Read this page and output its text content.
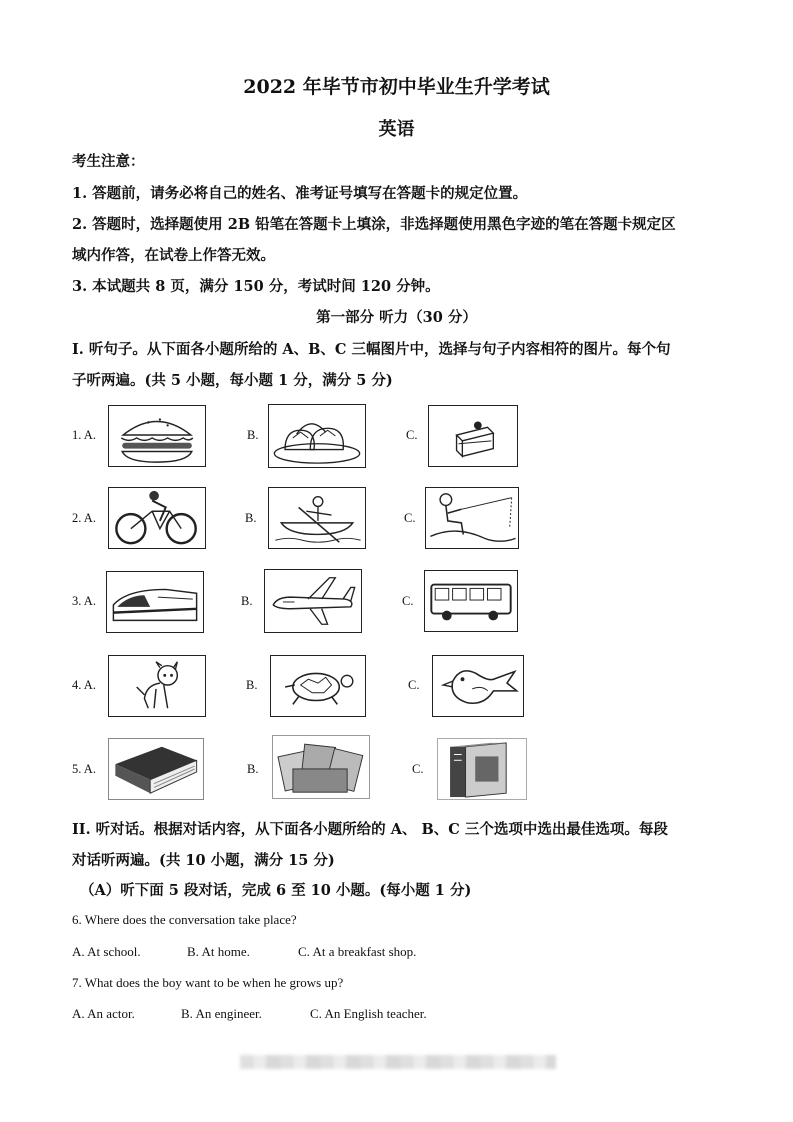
2022 年毕节市初中毕业生升学考试
英语
考生注意：
1. 答题前，请务必将自己的姓名、准考证号填写在答题卡的规定位置。
2. 答题时，选择题使用 2B 铅笔在答题卡上填涂，非选择题使用黑色字迹的笔在答题卡规定区
域内作答，在试卷上作答无效。
3. 本试题共 8 页，满分 150 分，考试时间 120 分钟。
第一部分 听力（30 分）
I. 听句子。从下面各小题所给的 A、B、C 三幅图片中，选择与句子内容相符的图片。每个句
子听两遍。(共 5 小题，每小题 1 分，满分 5 分)
1. A.	B.	C.
2. A.	B.	C.
3. A.	B.	C.
4. A.	B.	C.
5. A.	B.	C.
II. 听对话。根据对话内容，从下面各小题所给的 A、 B、C 三个选项中选出最佳选项。每段
对话听两遍。(共 10 小题，满分 15 分)
（A）听下面 5 段对话，完成 6 至 10 小题。(每小题 1 分)
6. Where does the conversation take place?
A. At school.	B. At home.	C. At a breakfast shop.
7. What does the boy want to be when he grows up?
A. An actor.	B. An engineer.	C. An English teacher.
